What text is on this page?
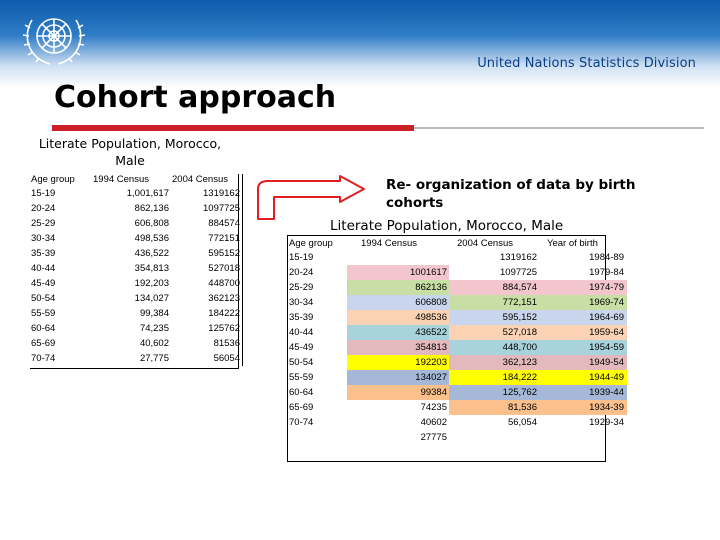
United Nations Statistics Division
Cohort approach
Literate Population, Morocco, Male
Age group	1994 Census	2004 Census
15-19	1,001,617	1319162
20-24	862,136	1097725
25-29	606,808	884574
30-34	498,536	772151
35-39	436,522	595152
40-44	354,813	527018
45-49	192,203	448700
50-54	134,027	362123
55-59	99,384	184222
60-64	74,235	125762
65-69	40,602	81536
70-74	27,775	56054
Re- organization of data by birth cohorts
Literate Population, Morocco, Male
Age group	1994 Census	2004 Census	Year of birth
15-19		1319162	1984-89
20-24	1001617	1097725	1979-84
25-29	862136	884,574	1974-79
30-34	606808	772,151	1969-74
35-39	498536	595,152	1964-69
40-44	436522	527,018	1959-64
45-49	354813	448,700	1954-59
50-54	192203	362,123	1949-54
55-59	134027	184,222	1944-49
60-64	99384	125,762	1939-44
65-69	74235	81,536	1934-39
70-74	40602	56,054	1929-34
	27775		
